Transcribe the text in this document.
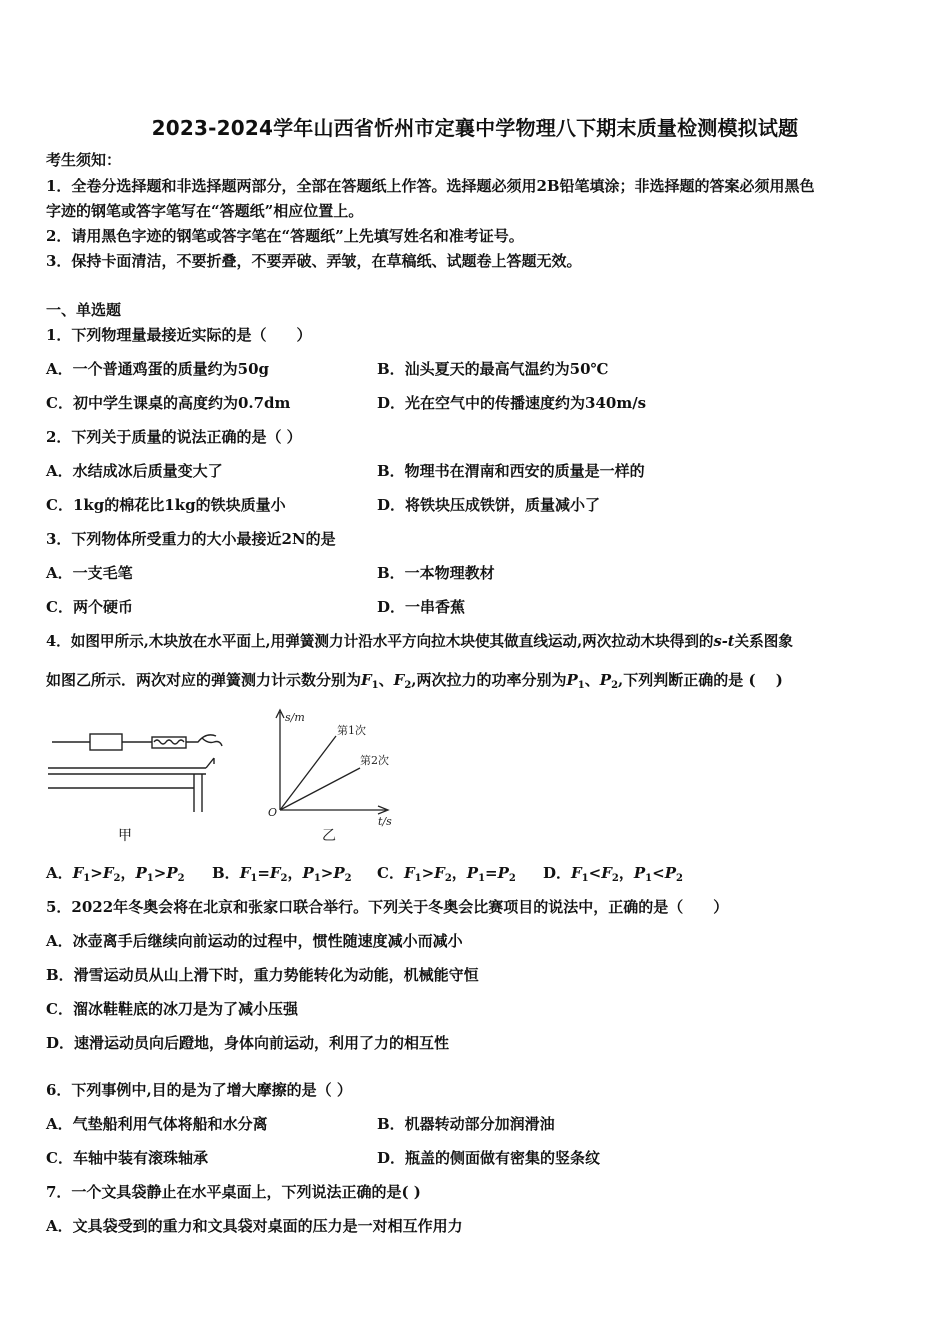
2023-2024学年山西省忻州市定襄中学物理八下期末质量检测模拟试题
考生须知：
1．全卷分选择题和非选择题两部分，全部在答题纸上作答。选择题必须用2B铅笔填涂；非选择题的答案必须用黑色
字迹的钢笔或答字笔写在“答题纸”相应位置上。
2．请用黑色字迹的钢笔或答字笔在“答题纸”上先填写姓名和准考证号。
3．保持卡面清洁，不要折叠，不要弄破、弄皱，在草稿纸、试题卷上答题无效。
一、单选题
1．下列物理量最接近实际的是（　　）
A．一个普通鸡蛋的质量约为50g	B．汕头夏天的最高气温约为50℃
C．初中学生课桌的高度约为0.7dm	D．光在空气中的传播速度约为340m/s
2．下列关于质量的说法正确的是（ ）
A．水结成冰后质量变大了	B．物理书在渭南和西安的质量是一样的
C．1kg的棉花比1kg的铁块质量小	D．将铁块压成铁饼，质量减小了
3．下列物体所受重力的大小最接近2N的是
A．一支毛笔	B．一本物理教材
C．两个硬币	D．一串香蕉
4．如图甲所示,木块放在水平面上,用弹簧测力计沿水平方向拉木块使其做直线运动,两次拉动木块得到的s-t关系图象
如图乙所示．两次对应的弹簧测力计示数分别为$F_1$、$F_2$,两次拉力的功率分别为$P_1$、$P_2$,下列判断正确的是 (　 )
甲
s/m
第1次
第2次
O
t/s
乙
A．$F_1>F_2$，$P_1>P_2$ B．$F_1=F_2$，$P_1>P_2$ C．$F_1>F_2$，$P_1=P_2$ D．$F_1<F_2$，$P_1<P_2$
5．2022年冬奥会将在北京和张家口联合举行。下列关于冬奥会比赛项目的说法中，正确的是（　　）
A．冰壶离手后继续向前运动的过程中，惯性随速度减小而减小
B．滑雪运动员从山上滑下时，重力势能转化为动能，机械能守恒
C．溜冰鞋鞋底的冰刀是为了减小压强
D．速滑运动员向后蹬地，身体向前运动，利用了力的相互性
6．下列事例中,目的是为了增大摩擦的是（ ）
A．气垫船利用气体将船和水分离	B．机器转动部分加润滑油
C．车轴中装有滚珠轴承	D．瓶盖的侧面做有密集的竖条纹
7．一个文具袋静止在水平桌面上，下列说法正确的是( )
A．文具袋受到的重力和文具袋对桌面的压力是一对相互作用力
